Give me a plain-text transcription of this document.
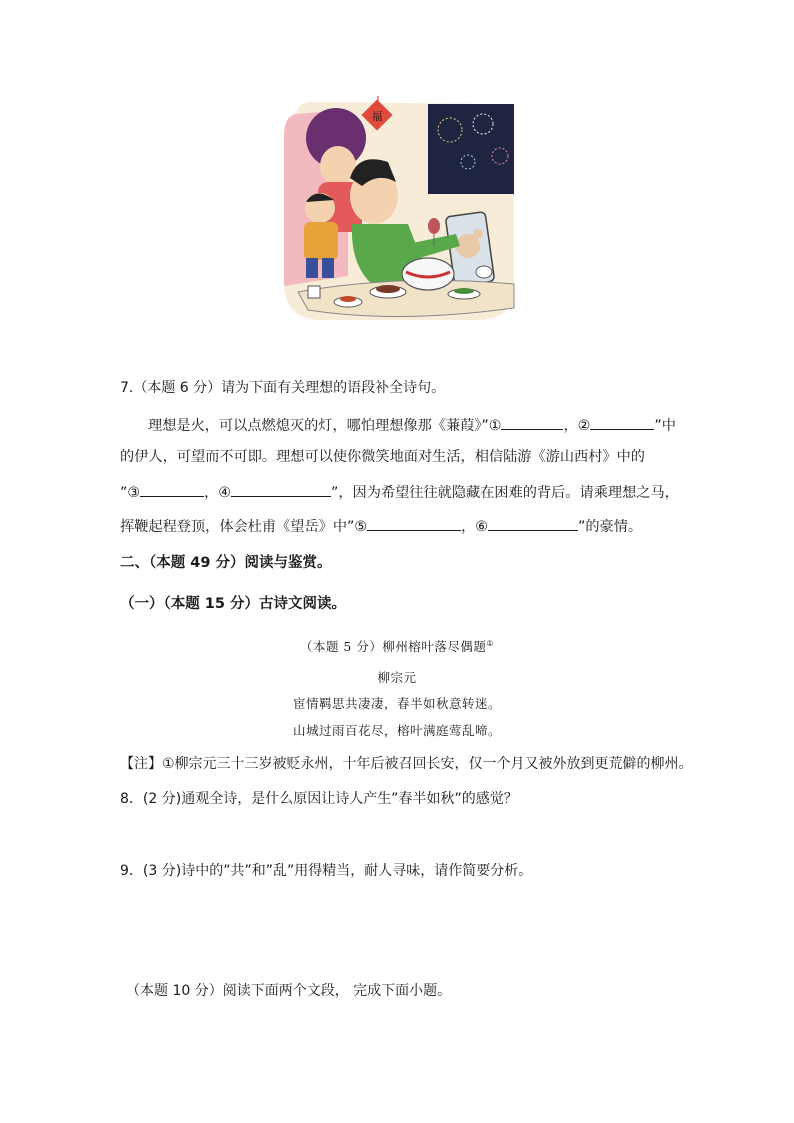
福
7.（本题 6 分）请为下面有关理想的语段补全诗句。
理想是火，可以点燃熄灭的灯，哪怕理想像那《蒹葭》”①	，②	”中
的伊人，可望而不可即。理想可以使你微笑地面对生活，相信陆游《游山西村》中的
”③	，④	”，因为希望往往就隐藏在困难的背后。请乘理想之马，
挥鞭起程登顶，体会杜甫《望岳》中”⑤	，⑥	”的豪情。
二、（本题 49 分）阅读与鉴赏。
（一）（本题 15 分）古诗文阅读。
（本题 5 分）柳州榕叶落尽偶题①
柳宗元
宦情羁思共凄凄，春半如秋意转迷。
山城过雨百花尽，榕叶满庭莺乱啼。
【注】①柳宗元三十三岁被贬永州，十年后被召回长安，仅一个月又被外放到更荒僻的柳州。
8．(2 分)通观全诗，是什么原因让诗人产生”春半如秋”的感觉？
9．(3 分)诗中的”共”和”乱”用得精当，耐人寻味，请作简要分析。
（本题 10 分）阅读下面两个文段， 完成下面小题。
